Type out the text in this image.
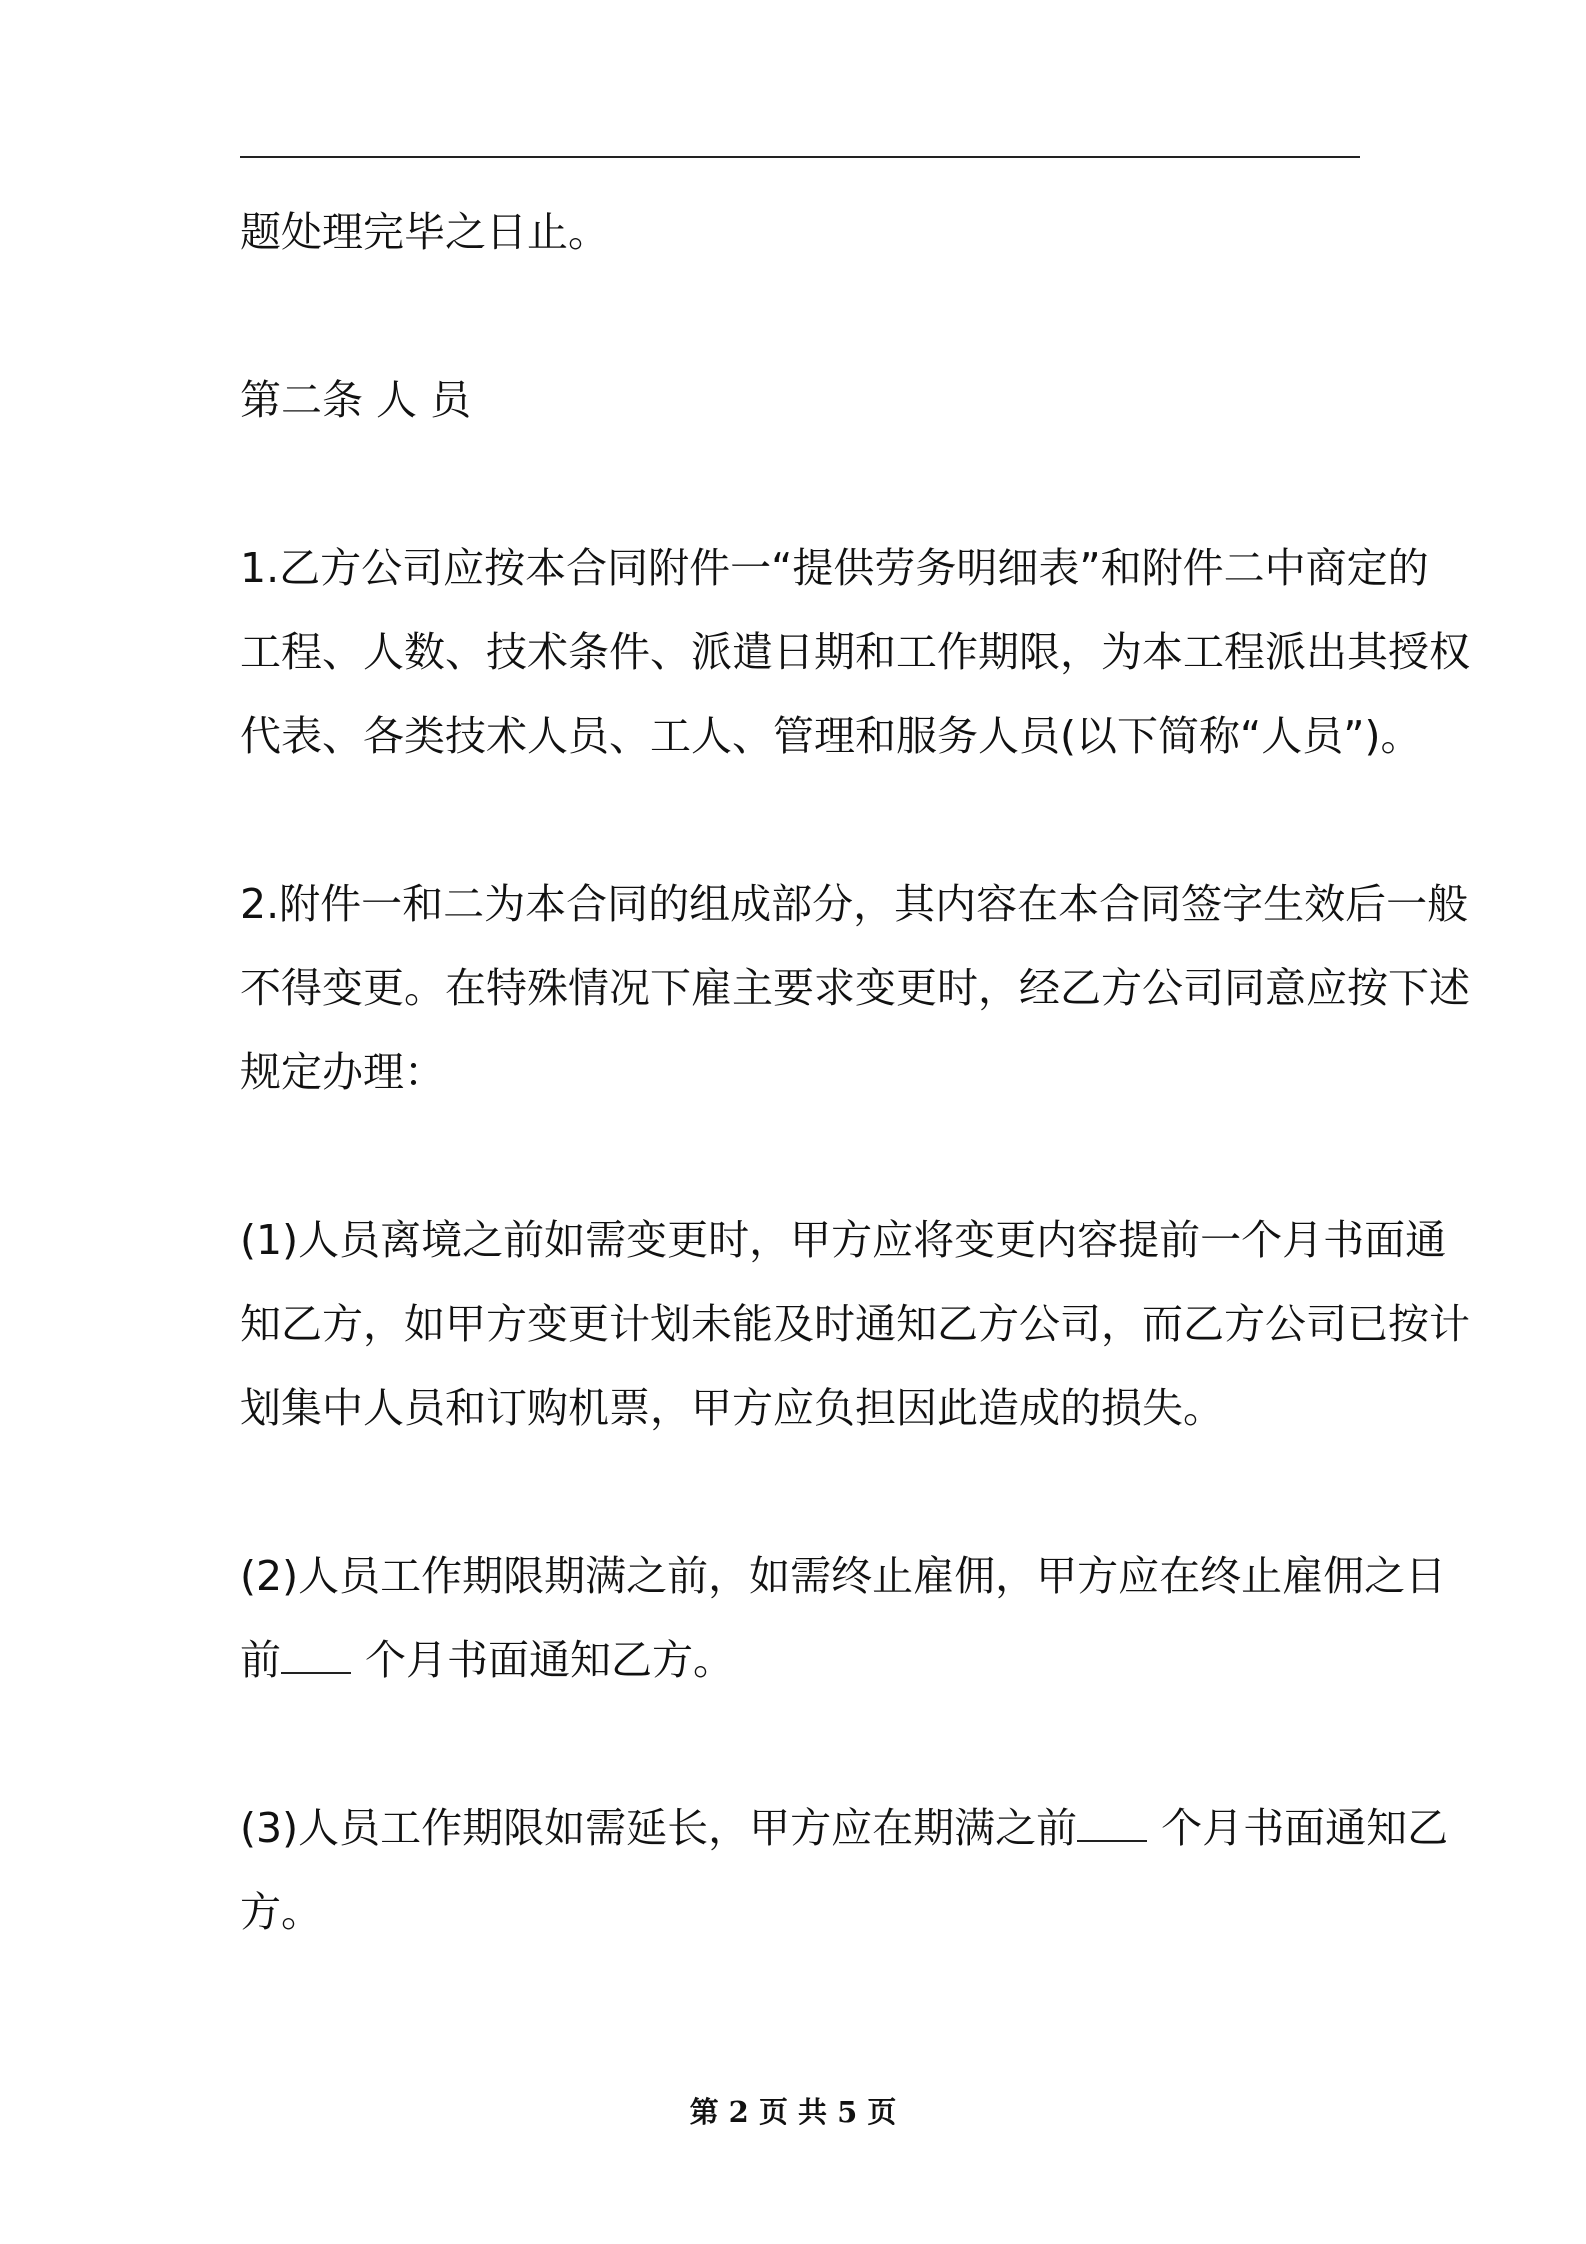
题处理完毕之日止。
第二条 人 员
1.乙方公司应按本合同附件一“提供劳务明细表”和附件二中商定的
工程、人数、技术条件、派遣日期和工作期限，为本工程派出其授权
代表、各类技术人员、工人、管理和服务人员(以下简称“人员”)。
2.附件一和二为本合同的组成部分，其内容在本合同签字生效后一般
不得变更。在特殊情况下雇主要求变更时，经乙方公司同意应按下述
规定办理：
(1)人员离境之前如需变更时，甲方应将变更内容提前一个月书面通
知乙方，如甲方变更计划未能及时通知乙方公司，而乙方公司已按计
划集中人员和订购机票，甲方应负担因此造成的损失。
(2)人员工作期限期满之前，如需终止雇佣，甲方应在终止雇佣之日
前 个月书面通知乙方。
(3)人员工作期限如需延长，甲方应在期满之前 个月书面通知乙
方。
第 2 页 共 5 页
